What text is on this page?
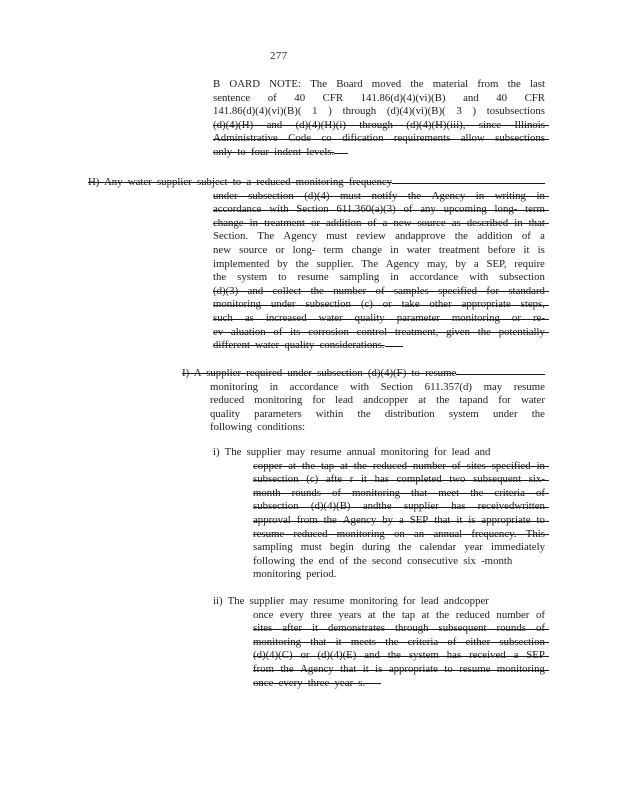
277
B OARD NOTE: The Board moved the material from the last
sentence of 40 CFR 141.86(d)(4)(vi)(B) and 40 CFR
141.86(d)(4)(vi)(B)( 1 ) through (d)(4)(vi)(B)( 3 ) tosubsections
(d)(4)(H) and (d)(4)(H)(i) through (d)(4)(H)(iii), since Illinois
Administrative Code co dification requirements allow subsections
only to four indent levels.
H) Any water supplier subject to a reduced monitoring frequency
under subsection (d)(4) must notify the Agency in writing in
accordance with Section 611.360(a)(3) of any upcoming long- term
change in treatment or addition of a new source as described in that
Section. The Agency must review andapprove the addition of a
new source or long- term change in water treatment before it is
implemented by the supplier. The Agency may, by a SEP, require
the system to resume sampling in accordance with subsection
(d)(3) and collect the number of samples specified for standard
monitoring under subsection (c) or take other appropriate steps,
such as increased water quality parameter monitoring or re-
ev aluation of its corrosion control treatment, given the potentially
different water quality considerations.
I) A supplier required under subsection (d)(4)(F) to resume
monitoring in accordance with Section 611.357(d) may resume
reduced monitoring for lead andcopper at the tapand for water
quality parameters within the distribution system under the
following conditions:
i) The supplier may resume annual monitoring for lead and
copper at the tap at the reduced number of sites specified in
subsection (c) afte r it has completed two subsequent six-
month rounds of monitoring that meet the criteria of
subsection (d)(4)(B) andthe supplier has receivedwritten
approval from the Agency by a SEP that it is appropriate to
resume reduced monitoring on an annual frequency. This
sampling must begin during the calendar year immediately
following the end of the second consecutive six -month
monitoring period.
ii) The supplier may resume monitoring for lead andcopper
once every three years at the tap at the reduced number of
sites after it demonstrates through subsequent rounds of
monitoring that it meets the criteria of either subsection
(d)(4)(C) or (d)(4)(E) and the system has received a SEP
from the Agency that it is appropriate to resume monitoring
once every three year s.
